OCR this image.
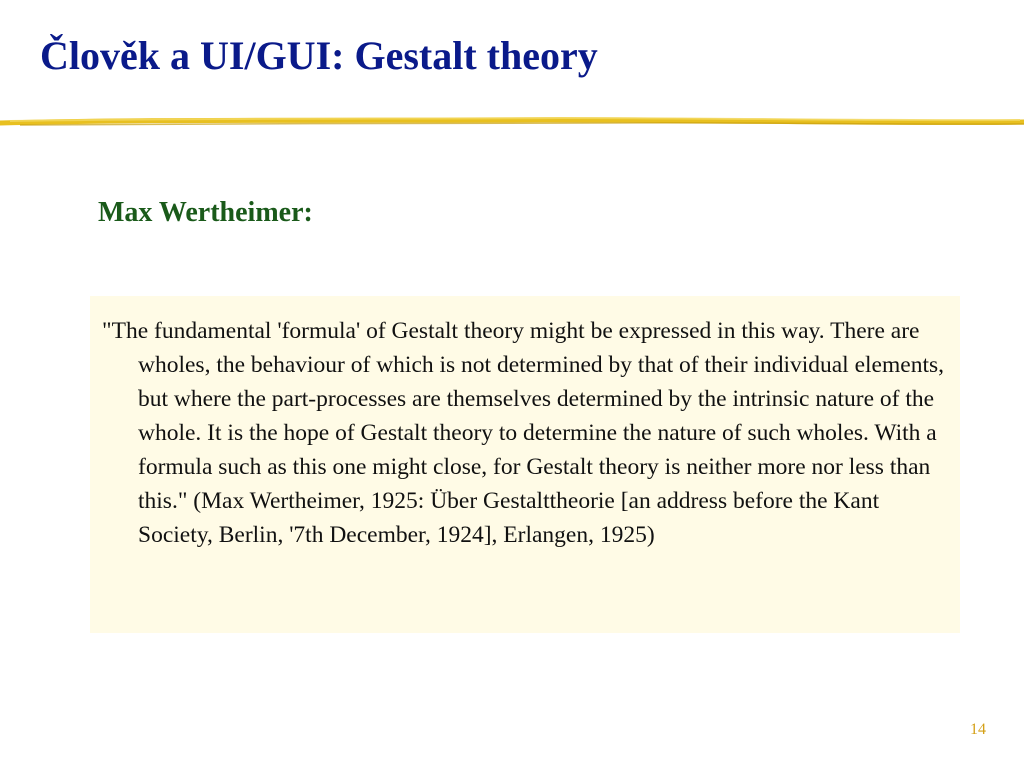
Člověk a UI/GUI: Gestalt theory
Max Wertheimer:

"The fundamental 'formula' of Gestalt theory might be expressed in this way. There are wholes, the behaviour of which is not determined by that of their individual elements, but where the part-processes are themselves determined by the intrinsic nature of the whole. It is the hope of Gestalt theory to determine the nature of such wholes. With a formula such as this one might close, for Gestalt theory is neither more nor less than this." (Max Wertheimer, 1925: Über Gestalttheorie [an address before the Kant Society, Berlin, '7th December, 1924], Erlangen, 1925)

14
